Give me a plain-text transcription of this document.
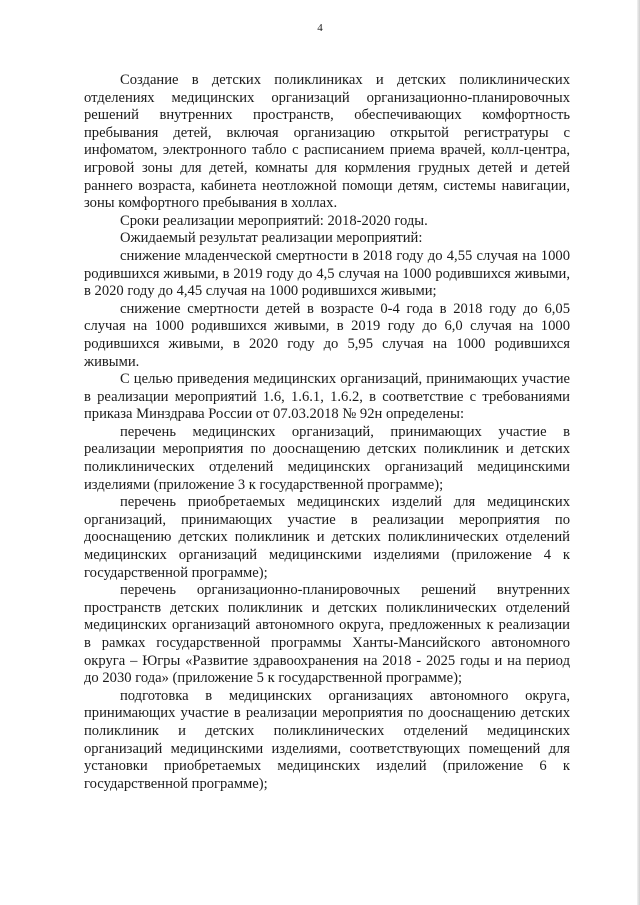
4

Создание в детских поликлиниках и детских поликлинических отделениях медицинских организаций организационно-планировочных решений внутренних пространств, обеспечивающих комфортность пребывания детей, включая организацию открытой регистратуры с инфоматом, электронного табло с расписанием приема врачей, колл-центра, игровой зоны для детей, комнаты для кормления грудных детей и детей раннего возраста, кабинета неотложной помощи детям, системы навигации, зоны комфортного пребывания в холлах.

Сроки реализации мероприятий: 2018-2020 годы.

Ожидаемый результат реализации мероприятий:

снижение младенческой смертности в 2018 году до 4,55 случая на 1000 родившихся живыми, в 2019 году до 4,5 случая на 1000 родившихся живыми, в 2020 году до 4,45 случая на 1000 родившихся живыми;

снижение смертности детей в возрасте 0-4 года в 2018 году до 6,05 случая на 1000 родившихся живыми, в 2019 году до 6,0 случая на 1000 родившихся живыми, в 2020 году до 5,95 случая на 1000 родившихся живыми.

С целью приведения медицинских организаций, принимающих участие в реализации мероприятий 1.6, 1.6.1, 1.6.2, в соответствие с требованиями приказа Минздрава России от 07.03.2018 № 92н определены:

перечень медицинских организаций, принимающих участие в реализации мероприятия по дооснащению детских поликлиник и детских поликлинических отделений медицинских организаций медицинскими изделиями (приложение 3 к государственной программе);

перечень приобретаемых медицинских изделий для медицинских организаций, принимающих участие в реализации мероприятия по дооснащению детских поликлиник и детских поликлинических отделений медицинских организаций медицинскими изделиями (приложение 4 к государственной программе);

перечень организационно-планировочных решений внутренних пространств детских поликлиник и детских поликлинических отделений медицинских организаций автономного округа, предложенных к реализации в рамках государственной программы Ханты-Мансийского автономного округа – Югры «Развитие здравоохранения на 2018 - 2025 годы и на период до 2030 года» (приложение 5 к государственной программе);

подготовка в медицинских организациях автономного округа, принимающих участие в реализации мероприятия по дооснащению детских поликлиник и детских поликлинических отделений медицинских организаций медицинскими изделиями, соответствующих помещений для установки приобретаемых медицинских изделий (приложение 6 к государственной программе);
